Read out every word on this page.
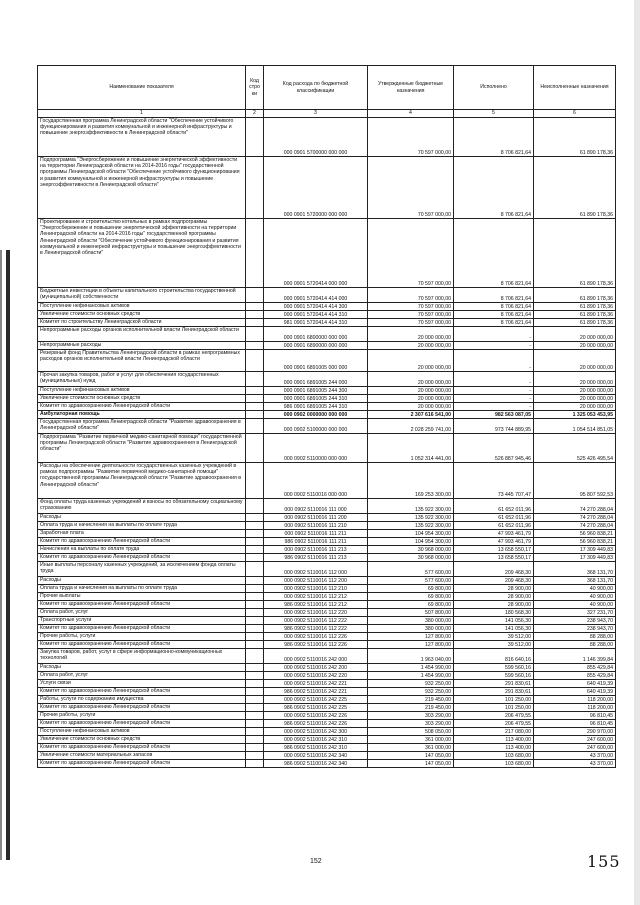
Наименование показателя	Код стро ки	Код расхода по бюджетной классификации	Утвержденные бюджетные назначения	Исполнено	Неисполненные назначения
1	2	3	4	5	6
Государственная программа Ленинградской области "Обеспечение устойчивого функционирования и развития коммунальной и инженерной инфраструктуры и повышение энергоэффективности в Ленинградской области"		000 0901 5700000 000 000	70 597 000,00	8 706 821,64	61 890 178,36
Подпрограмма "Энергосбережение и повышение энергетической эффективности на территории Ленинградской области на 2014-2016 годы" государственной программы Ленинградской области "Обеспечение устойчивого функционирования и развития коммунальной и инженерной инфраструктуры и повышение энергоэффективности в Ленинградской области"		000 0901 5720000 000 000	70 597 000,00	8 706 821,64	61 890 178,36
Проектирование и строительство котельных в рамках подпрограммы "Энергосбережение и повышение энергетической эффективности на территории Ленинградской области на 2014-2016 годы" государственной программы Ленинградской области "Обеспечение устойчивого функционирования и развития коммунальной и инженерной инфраструктуры и повышение энергоэффективности в Ленинградской области"		000 0901 5720414 000 000	70 597 000,00	8 706 821,64	61 890 178,36
Бюджетные инвестиции в объекты капитального строительства государственной (муниципальной) собственности		000 0901 5720414 414 000	70 597 000,00	8 706 821,64	61 890 178,36
Поступление нефинансовых активов		000 0901 5720414 414 300	70 597 000,00	8 706 821,64	61 890 178,36
Увеличение стоимости основных средств		000 0901 5720414 414 310	70 597 000,00	8 706 821,64	61 890 178,36
Комитет по строительству Ленинградской области		981 0901 5720414 414 310	70 597 000,00	8 706 821,64	61 890 178,36
Непрограммные расходы органов исполнительной власти Ленинградской области		000 0901 6800000 000 000	20 000 000,00	-	20 000 000,00
Непрограммные расходы		000 0901 6890000 000 000	20 000 000,00	-	20 000 000,00
Резервный фонд Правительства Ленинградской области в рамках непрограммных расходов органов исполнительной власти Ленинградской области		000 0901 6891005 000 000	20 000 000,00	-	20 000 000,00
Прочая закупка товаров, работ и услуг для обеспечения государственных (муниципальных) нужд		000 0901 6891005 244 000	20 000 000,00	-	20 000 000,00
Поступление нефинансовых активов		000 0901 6891005 244 300	20 000 000,00	-	20 000 000,00
Увеличение стоимости основных средств		000 0901 6891005 244 310	20 000 000,00	-	20 000 000,00
Комитет по здравоохранению Ленинградской области		986 0901 6891005 244 310	20 000 000,00	-	20 000 000,00
Амбулаторная помощь		000 0902 0000000 000 000	2 307 616 541,00	982 563 087,05	1 325 053 453,95
Государственная программа Ленинградской области "Развитие здравоохранения в Ленинградской области"		000 0902 5100000 000 000	2 028 259 741,00	973 744 889,95	1 054 514 851,05
Подпрограмма "Развитие первичной медико-санитарной помощи" государственной программы Ленинградской области "Развитие здравоохранения в Ленинградской области"		000 0902 5110000 000 000	1 052 314 441,00	526 887 945,46	525 426 495,54
Расходы на обеспечение деятельности государственных казенных учреждений в рамках подпрограммы "Развитие первичной медико-санитарной помощи" государственной программы Ленинградской области "Развитие здравоохранения в Ленинградской области"		000 0902 5110016 000 000	169 253 300,00	73 445 707,47	95 807 592,53
Фонд оплаты труда казенных учреждений и взносы по обязательному социальному страхованию		000 0902 5110016 111 000	135 922 300,00	61 652 011,96	74 270 288,04
Расходы		000 0902 5110016 111 200	135 922 300,00	61 652 011,96	74 270 288,04
Оплата труда и начисления на выплаты по оплате труда		000 0902 5110016 111 210	135 922 300,00	61 652 011,96	74 270 288,04
Заработная плата		000 0902 5110016 111 211	104 954 300,00	47 993 461,79	56 960 838,21
Комитет по здравоохранению Ленинградской области		986 0902 5110016 111 211	104 954 300,00	47 993 461,79	56 960 838,21
Начисления на выплаты по оплате труда		000 0902 5110016 111 213	30 968 000,00	13 658 550,17	17 309 449,83
Комитет по здравоохранению Ленинградской области		986 0902 5110016 111 213	30 968 000,00	13 658 550,17	17 309 449,83
Иные выплаты персоналу казенных учреждений, за исключением фонда оплаты труда		000 0902 5110016 112 000	577 600,00	209 468,30	368 131,70
Расходы		000 0902 5110016 112 200	577 600,00	209 468,30	368 131,70
Оплата труда и начисления на выплаты по оплате труда		000 0902 5110016 112 210	69 800,00	28 900,00	40 900,00
Прочие выплаты		000 0902 5110016 112 212	69 800,00	28 900,00	40 900,00
Комитет по здравоохранению Ленинградской области		986 0902 5110016 112 212	69 800,00	28 900,00	40 900,00
Оплата работ, услуг		000 0902 5110016 112 220	507 800,00	180 568,30	327 231,70
Транспортные услуги		000 0902 5110016 112 222	380 000,00	141 056,30	238 943,70
Комитет по здравоохранению Ленинградской области		986 0902 5110016 112 222	380 000,00	141 056,30	238 943,70
Прочие работы, услуги		000 0902 5110016 112 226	127 800,00	39 512,00	88 288,00
Комитет по здравоохранению Ленинградской области		986 0902 5110016 112 226	127 800,00	39 512,00	88 288,00
Закупка товаров, работ, услуг в сфере информационно-коммуникационных технологий		000 0902 5110016 242 000	1 963 040,00	816 640,16	1 146 399,84
Расходы		000 0902 5110016 242 200	1 454 990,00	599 560,16	855 429,84
Оплата работ, услуг		000 0902 5110016 242 220	1 454 990,00	599 560,16	855 429,84
Услуги связи		000 0902 5110016 242 221	932 250,00	291 830,61	640 419,39
Комитет по здравоохранению Ленинградской области		986 0902 5110016 242 221	932 250,00	291 830,61	640 419,39
Работы, услуги по содержанию имущества		000 0902 5110016 242 225	219 450,00	101 250,00	118 200,00
Комитет по здравоохранению Ленинградской области		986 0902 5110016 242 225	219 450,00	101 250,00	118 200,00
Прочие работы, услуги		000 0902 5110016 242 226	303 290,00	206 479,55	96 810,45
Комитет по здравоохранению Ленинградской области		986 0902 5110016 242 226	303 290,00	206 479,55	96 810,45
Поступление нефинансовых активов		000 0902 5110016 242 300	508 050,00	217 080,00	290 970,00
Увеличение стоимости основных средств		000 0902 5110016 242 310	361 000,00	113 400,00	247 600,00
Комитет по здравоохранению Ленинградской области		986 0902 5110016 242 310	361 000,00	113 400,00	247 600,00
Увеличение стоимости материальных запасов		000 0902 5110016 242 340	147 050,00	103 680,00	43 370,00
Комитет по здравоохранению Ленинградской области		986 0902 5110016 242 340	147 050,00	103 680,00	43 370,00
152	155
